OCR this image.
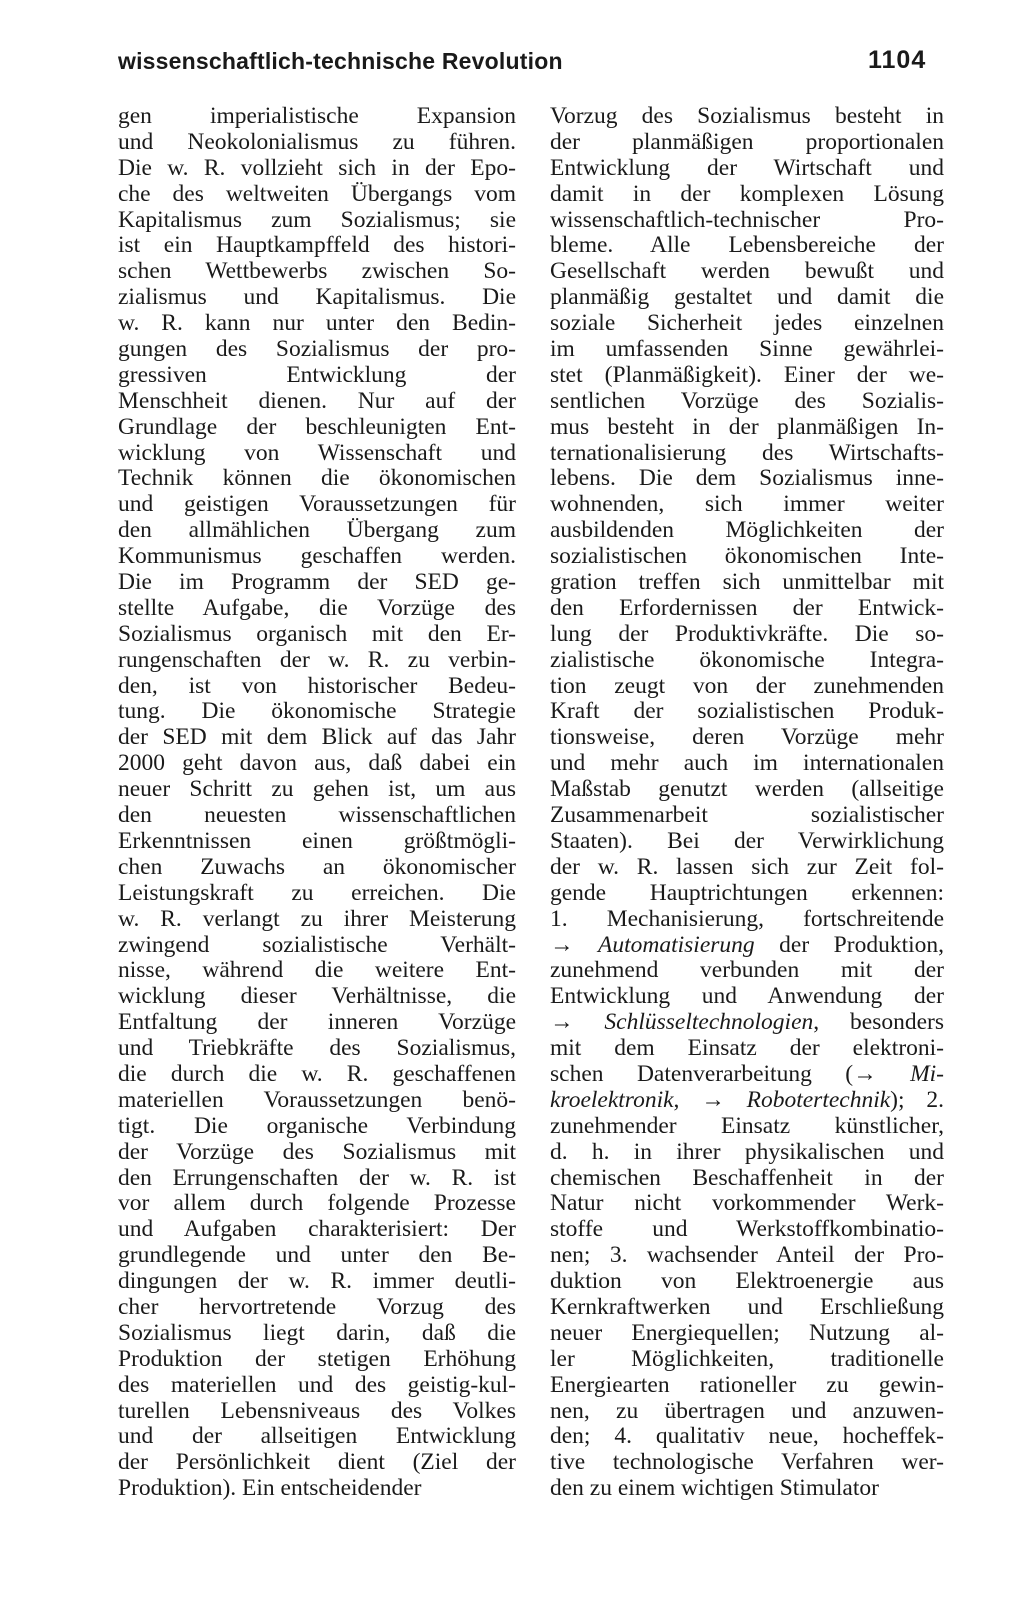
wissenschaftlich-technische Revolution	1104
gen imperialistische Expansion
und Neokolonialismus zu führen.
Die w. R. vollzieht sich in der Epo-
che des weltweiten Übergangs vom
Kapitalismus zum Sozialismus; sie
ist ein Hauptkampffeld des histori-
schen Wettbewerbs zwischen So-
zialismus und Kapitalismus. Die
w. R. kann nur unter den Bedin-
gungen des Sozialismus der pro-
gressiven Entwicklung der
Menschheit dienen. Nur auf der
Grundlage der beschleunigten Ent-
wicklung von Wissenschaft und
Technik können die ökonomischen
und geistigen Voraussetzungen für
den allmählichen Übergang zum
Kommunismus geschaffen werden.
Die im Programm der SED ge-
stellte Aufgabe, die Vorzüge des
Sozialismus organisch mit den Er-
rungenschaften der w. R. zu verbin-
den, ist von historischer Bedeu-
tung. Die ökonomische Strategie
der SED mit dem Blick auf das Jahr
2000 geht davon aus, daß dabei ein
neuer Schritt zu gehen ist, um aus
den neuesten wissenschaftlichen
Erkenntnissen einen größtmögli-
chen Zuwachs an ökonomischer
Leistungskraft zu erreichen. Die
w. R. verlangt zu ihrer Meisterung
zwingend sozialistische Verhält-
nisse, während die weitere Ent-
wicklung dieser Verhältnisse, die
Entfaltung der inneren Vorzüge
und Triebkräfte des Sozialismus,
die durch die w. R. geschaffenen
materiellen Voraussetzungen benö-
tigt. Die organische Verbindung
der Vorzüge des Sozialismus mit
den Errungenschaften der w. R. ist
vor allem durch folgende Prozesse
und Aufgaben charakterisiert: Der
grundlegende und unter den Be-
dingungen der w. R. immer deutli-
cher hervortretende Vorzug des
Sozialismus liegt darin, daß die
Produktion der stetigen Erhöhung
des materiellen und des geistig-kul-
turellen Lebensniveaus des Volkes
und der allseitigen Entwicklung
der Persönlichkeit dient (Ziel der
Produktion). Ein entscheidender
Vorzug des Sozialismus besteht in
der planmäßigen proportionalen
Entwicklung der Wirtschaft und
damit in der komplexen Lösung
wissenschaftlich-technischer Pro-
bleme. Alle Lebensbereiche der
Gesellschaft werden bewußt und
planmäßig gestaltet und damit die
soziale Sicherheit jedes einzelnen
im umfassenden Sinne gewährlei-
stet (Planmäßigkeit). Einer der we-
sentlichen Vorzüge des Sozialis-
mus besteht in der planmäßigen In-
ternationalisierung des Wirtschafts-
lebens. Die dem Sozialismus inne-
wohnenden, sich immer weiter
ausbildenden Möglichkeiten der
sozialistischen ökonomischen Inte-
gration treffen sich unmittelbar mit
den Erfordernissen der Entwick-
lung der Produktivkräfte. Die so-
zialistische ökonomische Integra-
tion zeugt von der zunehmenden
Kraft der sozialistischen Produk-
tionsweise, deren Vorzüge mehr
und mehr auch im internationalen
Maßstab genutzt werden (allseitige
Zusammenarbeit sozialistischer
Staaten). Bei der Verwirklichung
der w. R. lassen sich zur Zeit fol-
gende Hauptrichtungen erkennen:
1. Mechanisierung, fortschreitende
→ Automatisierung der Produktion,
zunehmend verbunden mit der
Entwicklung und Anwendung der
→ Schlüsseltechnologien, besonders
mit dem Einsatz der elektroni-
schen Datenverarbeitung (→ Mi-
kroelektronik, → Robotertechnik); 2.
zunehmender Einsatz künstlicher,
d. h. in ihrer physikalischen und
chemischen Beschaffenheit in der
Natur nicht vorkommender Werk-
stoffe und Werkstoffkombinatio-
nen; 3. wachsender Anteil der Pro-
duktion von Elektroenergie aus
Kernkraftwerken und Erschließung
neuer Energiequellen; Nutzung al-
ler Möglichkeiten, traditionelle
Energiearten rationeller zu gewin-
nen, zu übertragen und anzuwen-
den; 4. qualitativ neue, hocheffek-
tive technologische Verfahren wer-
den zu einem wichtigen Stimulator
